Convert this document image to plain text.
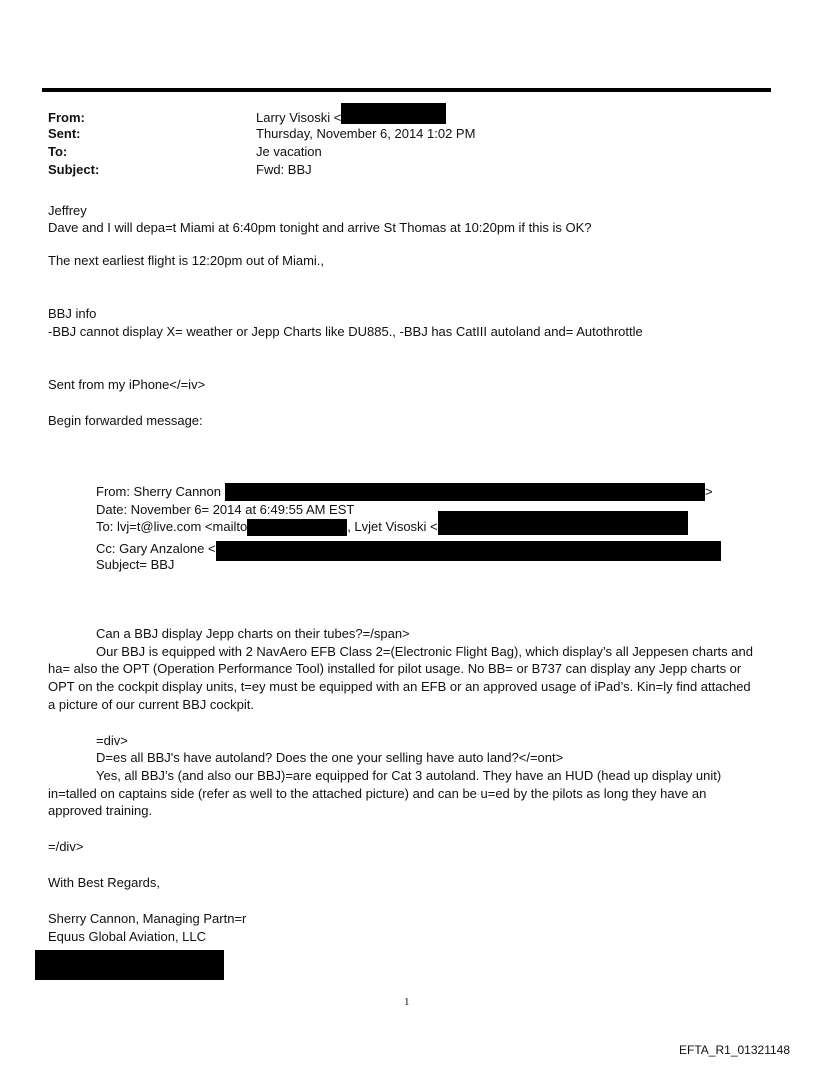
From:	Larry Visoski <
Sent:	Thursday, November 6, 2014 1:02 PM
To:	Je vacation
Subject:	Fwd: BBJ
Jeffrey
Dave and I will depa=t Miami at 6:40pm tonight and arrive St Thomas at 10:20pm if this is OK?
The next earliest flight is 12:20pm out of Miami.,
BBJ info
-BBJ cannot display X= weather or Jepp Charts like DU885., -BBJ has CatIII autoland and= Autothrottle
Sent from my iPhone</=iv>
Begin forwarded message:
From: Sherry Cannon	>
Date: November 6= 2014 at 6:49:55 AM EST
To: lvj=t@live.com <mailto	, Lvjet Visoski <
Cc: Gary Anzalone <
Subject= BBJ
Can a BBJ display Jepp charts on their tubes?=/span>
Our BBJ is equipped with 2 NavAero EFB Class 2=(Electronic Flight Bag), which display’s all Jeppesen charts and
ha= also the OPT (Operation Performance Tool) installed for pilot usage. No BB= or B737 can display any Jepp charts or
OPT on the cockpit display units, t=ey must be equipped with an EFB or an approved usage of iPad’s. Kin=ly find attached
a picture of our current BBJ cockpit.
=div>
D=es all BBJ's have autoland? Does the one your selling have auto land?</=ont>
Yes, all BBJ’s (and also our BBJ)=are equipped for Cat 3 autoland. They have an HUD (head up display unit)
in=talled on captains side (refer as well to the attached picture) and can be u=ed by the pilots as long they have an
approved training.
=/div>
With Best Regards,
Sherry Cannon, Managing Partn=r
Equus Global Aviation, LLC
1
EFTA_R1_01321148
